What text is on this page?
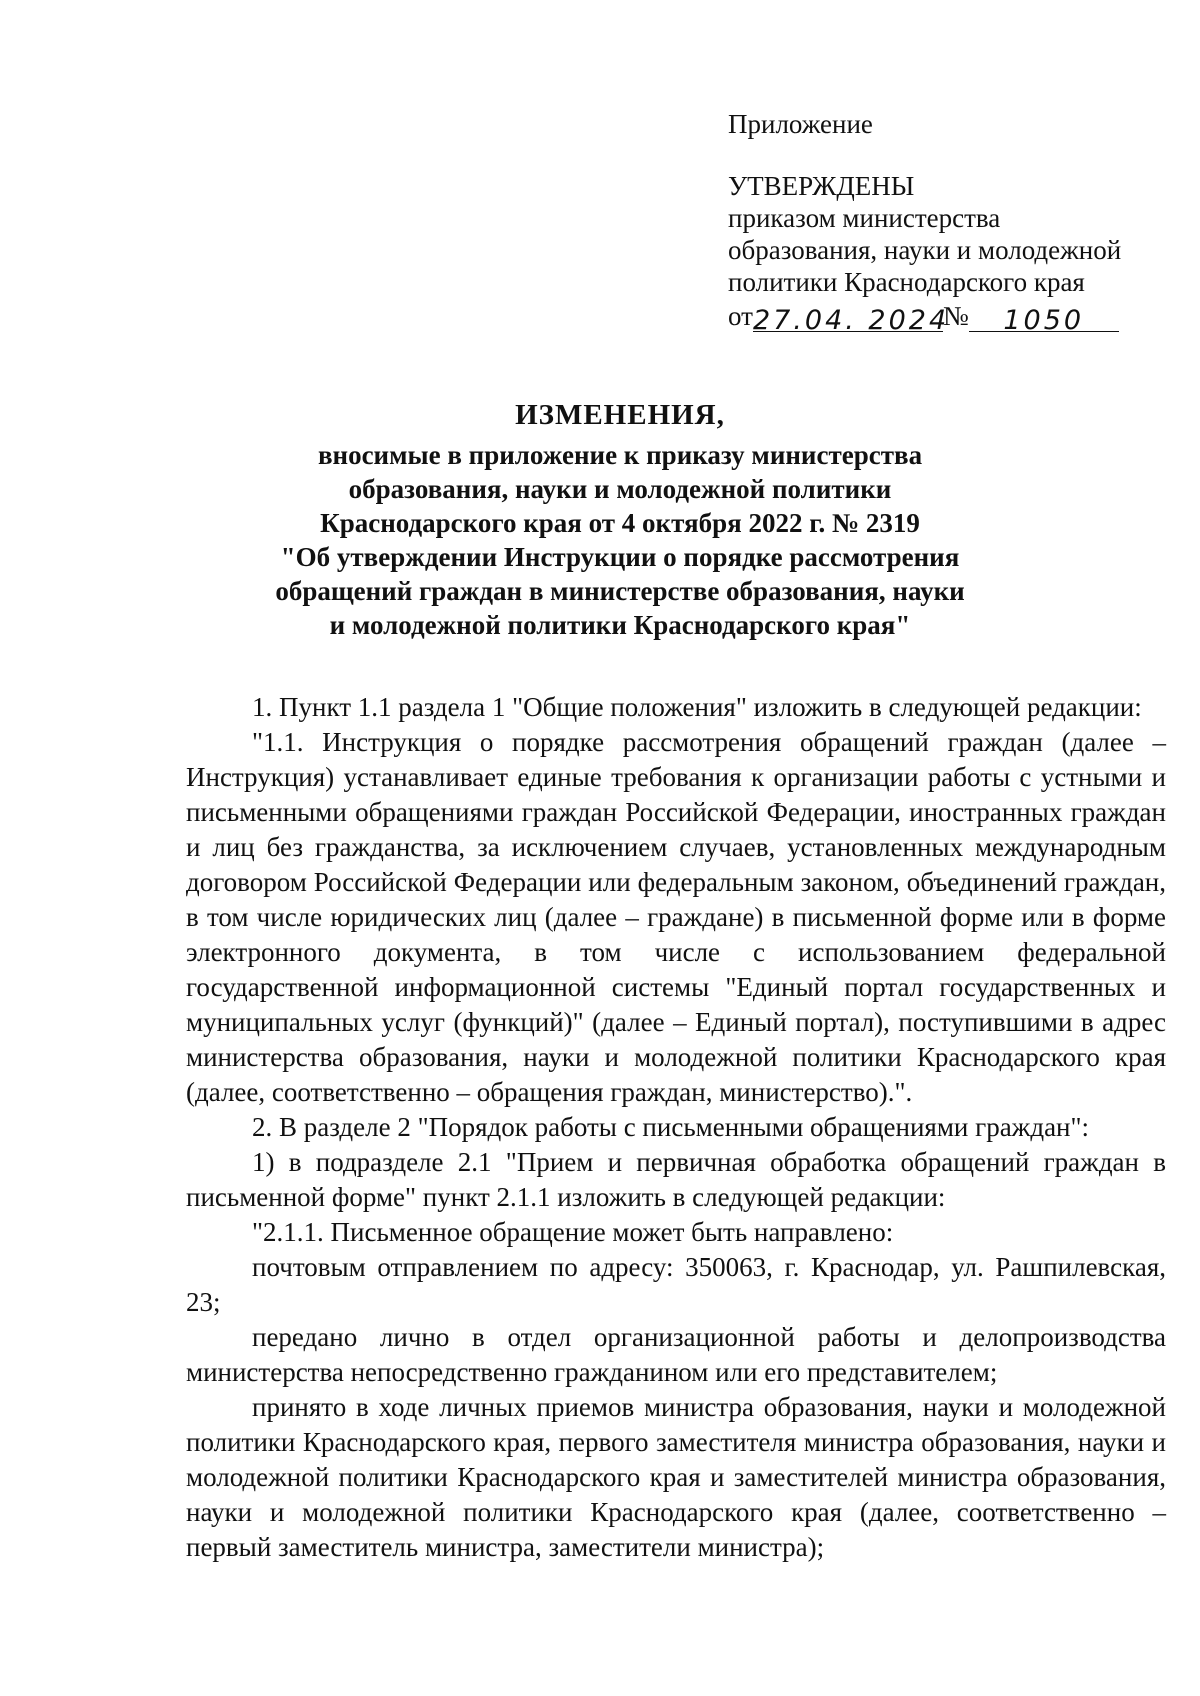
Приложение

УТВЕРЖДЕНЫ

приказом министерства

образования, науки и молодежной

политики Краснодарского края

от27.04. 2024№ 1050

ИЗМЕНЕНИЯ,

вносимые в приложение к приказу министерства

образования, науки и молодежной политики

Краснодарского края от 4 октября 2022 г. № 2319

"Об утверждении Инструкции о порядке рассмотрения

обращений граждан в министерстве образования, науки

и молодежной политики Краснодарского края"

1. Пункт 1.1 раздела 1 "Общие положения" изложить в следующей редакции:

"1.1. Инструкция о порядке рассмотрения обращений граждан (далее – Инструкция) устанавливает единые требования к организации работы с устными и письменными обращениями граждан Российской Федерации, иностранных граждан и лиц без гражданства, за исключением случаев, установленных международным договором Российской Федерации или федеральным законом, объединений граждан, в том числе юридических лиц (далее – граждане) в письменной форме или в форме электронного документа, в том числе с использованием федеральной государственной информационной системы "Единый портал государственных и муниципальных услуг (функций)" (далее – Единый портал), поступившими в адрес министерства образования, науки и молодежной политики Краснодарского края (далее, соответственно – обращения граждан, министерство).".

2. В разделе 2 "Порядок работы с письменными обращениями граждан":

1) в подразделе 2.1 "Прием и первичная обработка обращений граждан в письменной форме" пункт 2.1.1 изложить в следующей редакции:

"2.1.1. Письменное обращение может быть направлено:

почтовым отправлением по адресу: 350063, г. Краснодар, ул. Рашпилевская, 23;

передано лично в отдел организационной работы и делопроизводства министерства непосредственно гражданином или его представителем;

принято в ходе личных приемов министра образования, науки и молодежной политики Краснодарского края, первого заместителя министра образования, науки и молодежной политики Краснодарского края и заместителей министра образования, науки и молодежной политики Краснодарского края (далее, соответственно – первый заместитель министра, заместители министра);
